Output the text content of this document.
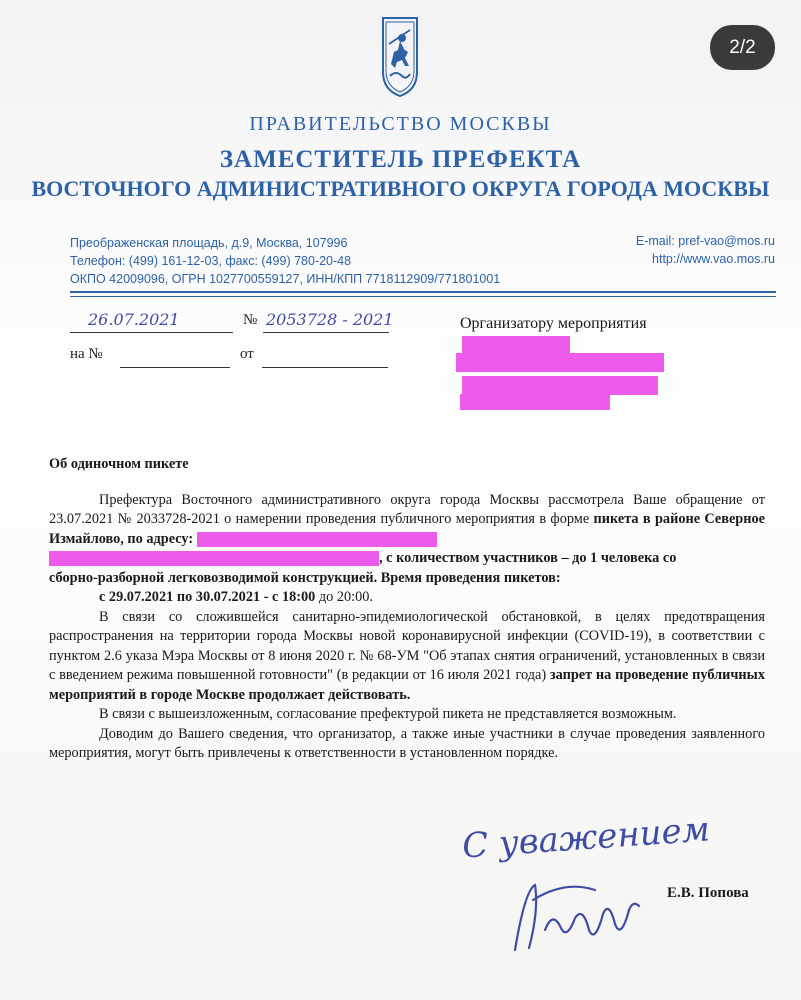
2/2
ПРАВИТЕЛЬСТВО МОСКВЫ
ЗАМЕСТИТЕЛЬ ПРЕФЕКТА
ВОСТОЧНОГО АДМИНИСТРАТИВНОГО ОКРУГА ГОРОДА МОСКВЫ
Преображенская площадь, д.9, Москва, 107996
Телефон: (499) 161-12-03, факс: (499) 780-20-48
ОКПО 42009096, ОГРН 1027700559127, ИНН/КПП 7718112909/771801001
E-mail: pref-vao@mos.ru
http://www.vao.mos.ru
26.07.2021	№ 2053728 - 2021
на №	от
Организатору мероприятия

Об одиночном пикете

Префектура Восточного административного округа города Москвы рассмотрела Ваше обращение от 23.07.2021 № 2033728-2021 о намерении проведения публичного мероприятия в форме пикета в районе Северное Измайлово, по адресу:
, с количеством участников – до 1 человека со
сборно-разборной легковозводимой конструкцией. Время проведения пикетов:
с 29.07.2021 по 30.07.2021 - с 18:00 до 20:00.

В связи со сложившейся санитарно-эпидемиологической обстановкой, в целях предотвращения распространения на территории города Москвы новой коронавирусной инфекции (COVID-19), в соответствии с пунктом 2.6 указа Мэра Москвы от 8 июня 2020 г. № 68-УМ "Об этапах снятия ограничений, установленных в связи с введением режима повышенной готовности" (в редакции от 16 июля 2021 года) запрет на проведение публичных мероприятий в городе Москве продолжает действовать.

В связи с вышеизложенным, согласование префектурой пикета не представляется возможным.

Доводим до Вашего сведения, что организатор, а также иные участники в случае проведения заявленного мероприятия, могут быть привлечены к ответственности в установленном порядке.

С уважением
Е.В. Попова
